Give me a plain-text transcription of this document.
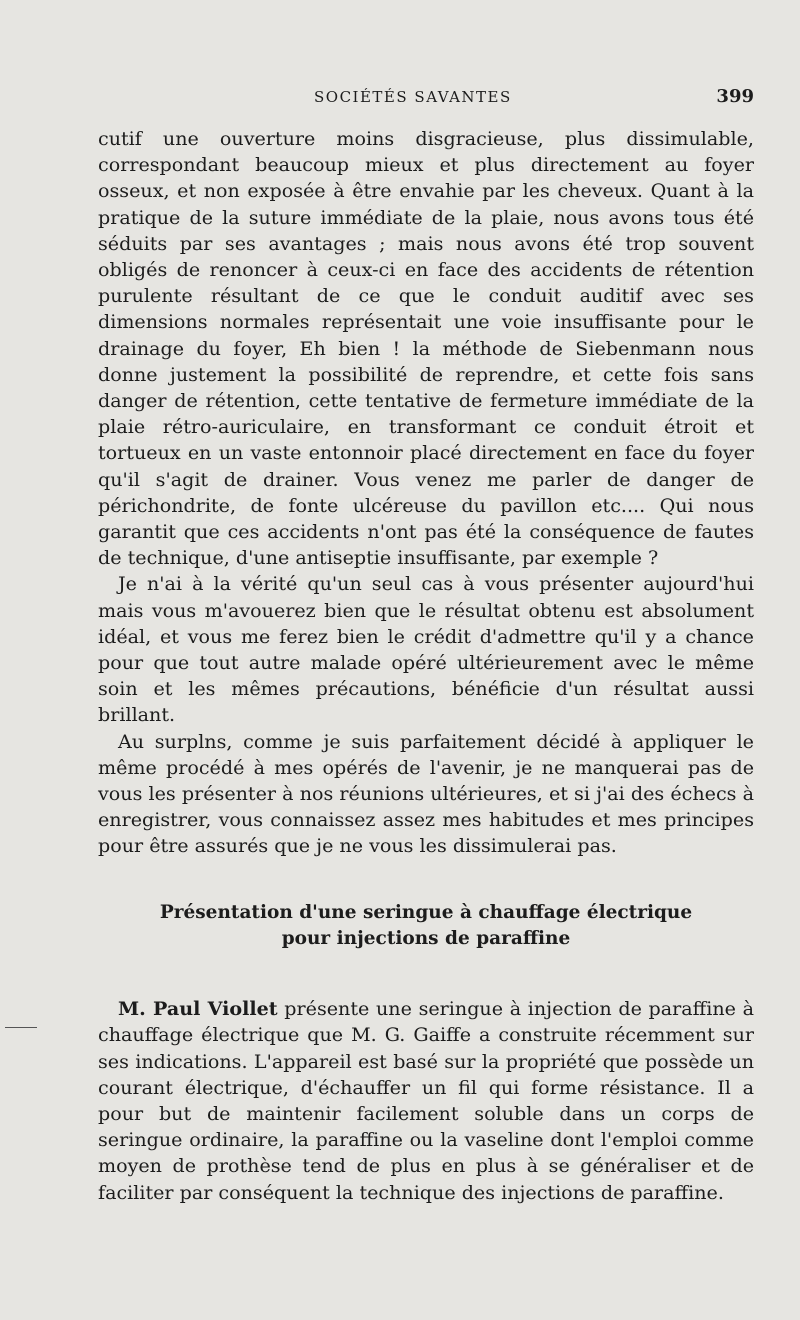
SOCIÉTÉS SAVANTES	399

cutif une ouverture moins disgracieuse, plus dissimulable, correspondant beaucoup mieux et plus directement au foyer osseux, et non exposée à être envahie par les cheveux. Quant à la pratique de la suture immédiate de la plaie, nous avons tous été séduits par ses avantages ; mais nous avons été trop souvent obligés de renoncer à ceux-ci en face des accidents de rétention purulente résultant de ce que le conduit auditif avec ses dimensions normales représentait une voie insuffisante pour le drainage du foyer, Eh bien ! la méthode de Siebenmann nous donne justement la possibilité de reprendre, et cette fois sans danger de rétention, cette tentative de fermeture immédiate de la plaie rétro-auriculaire, en transformant ce conduit étroit et tortueux en un vaste entonnoir placé directement en face du foyer qu'il s'agit de drainer. Vous venez me parler de danger de périchondrite, de fonte ulcéreuse du pavillon etc.... Qui nous garantit que ces accidents n'ont pas été la conséquence de fautes de technique, d'une antiseptie insuffisante, par exemple ?

Je n'ai à la vérité qu'un seul cas à vous présenter aujourd'hui mais vous m'avouerez bien que le résultat obtenu est absolument idéal, et vous me ferez bien le crédit d'admettre qu'il y a chance pour que tout autre malade opéré ultérieurement avec le même soin et les mêmes précautions, bénéficie d'un résultat aussi brillant.

Au surplns, comme je suis parfaitement décidé à appliquer le même procédé à mes opérés de l'avenir, je ne manquerai pas de vous les présenter à nos réunions ultérieures, et si j'ai des échecs à enregistrer, vous connaissez assez mes habitudes et mes principes pour être assurés que je ne vous les dissimulerai pas.

Présentation d'une seringue à chauffage électrique
pour injections de paraffine

M. Paul Viollet présente une seringue à injection de paraffine à chauffage électrique que M. G. Gaiffe a construite récemment sur ses indications. L'appareil est basé sur la propriété que possède un courant électrique, d'échauffer un fil qui forme résistance. Il a pour but de maintenir facilement soluble dans un corps de seringue ordinaire, la paraffine ou la vaseline dont l'emploi comme moyen de prothèse tend de plus en plus à se généraliser et de faciliter par conséquent la technique des injections de paraffine.
